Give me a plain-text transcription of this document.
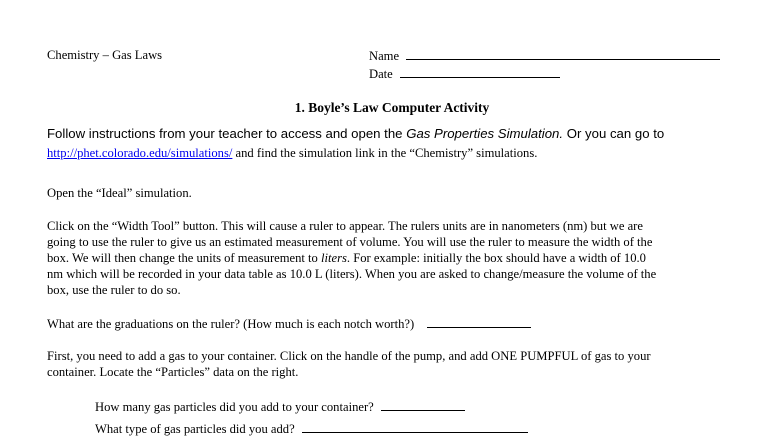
Chemistry – Gas Laws	Name
Date
1. Boyle’s Law Computer Activity
Follow instructions from your teacher to access and open the Gas Properties Simulation. Or you can go to
http://phet.colorado.edu/simulations/ and find the simulation link in the “Chemistry” simulations.
Open the “Ideal” simulation.
Click on the “Width Tool” button. This will cause a ruler to appear. The rulers units are in nanometers (nm) but we are
going to use the ruler to give us an estimated measurement of volume. You will use the ruler to measure the width of the
box. We will then change the units of measurement to liters. For example: initially the box should have a width of 10.0
nm which will be recorded in your data table as 10.0 L (liters). When you are asked to change/measure the volume of the
box, use the ruler to do so.
What are the graduations on the ruler? (How much is each notch worth?)
First, you need to add a gas to your container. Click on the handle of the pump, and add ONE PUMPFUL of gas to your
container. Locate the “Particles” data on the right.
How many gas particles did you add to your container?
What type of gas particles did you add?
